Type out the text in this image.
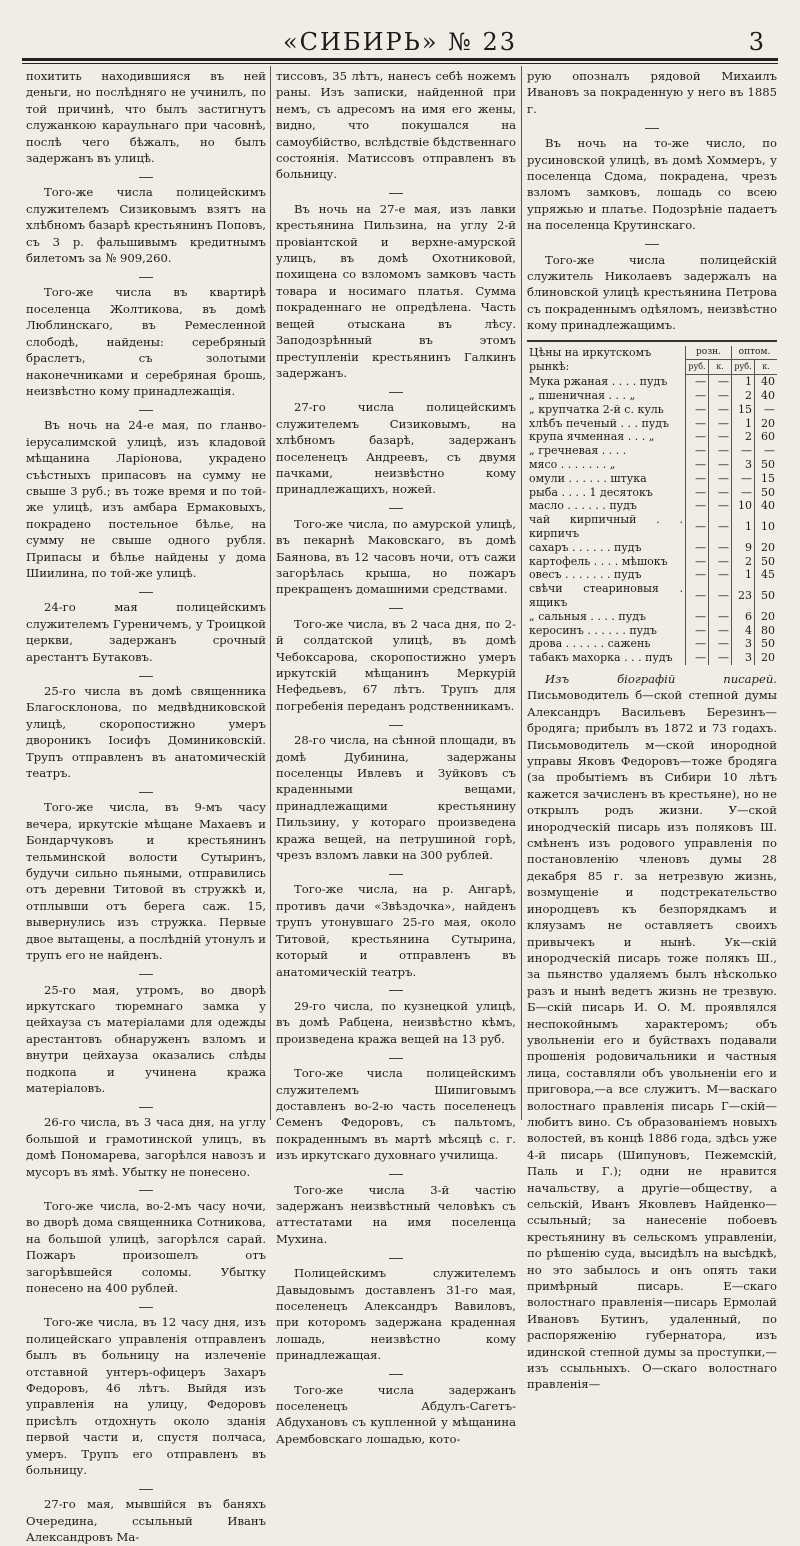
«СИБИРЬ» № 23	3

похитить находившияся въ ней деньги, но послѣдняго не учинилъ, по той причинѣ, что былъ застигнутъ служанкою караульнаго при часовнѣ, послѣ чего бѣжалъ, но былъ задержанъ въ улицѣ.

Того-же числа полицейскимъ служителемъ Сизиковымъ взятъ на хлѣбномъ базарѣ крестьянинъ Поповъ, съ 3 р. фальшивымъ кредитнымъ билетомъ за № 909,260.

Того-же числа въ квартирѣ поселенца Жолтикова, въ домѣ Люблинскаго, въ Ремесленной слободѣ, найдены: серебряный браслетъ, съ золотыми наконечниками и серебряная брошь, неизвѣстно кому принадлежащія.

Въ ночь на 24-е мая, по гланво-іерусалимской улицѣ, изъ кладовой мѣщанина Ларіонова, украдено съѣстныхъ припасовъ на сумму не свыше 3 руб.; въ тоже время и по той-же улицѣ, изъ амбара Ермаковыхъ, покрадено постельное бѣлье, на сумму не свыше одного рубля. Припасы и бѣлье найдены у дома Шиилина, по той-же улицѣ.

24-го мая полицейскимъ служителемъ Гуреничемъ, у Троицкой церкви, задержанъ срочный арестантъ Бутаковъ.

25-го числа въ домѣ священника Благосклонова, по медвѣдниковской улицѣ, скоропостижно умеръ двороникъ Іосифъ Доминиковскій. Трупъ отправленъ въ анатомическій театръ.

Того-же числа, въ 9-мъ часу вечера, иркутскіе мѣщане Махаевъ и Бондарчуковъ и крестьянинъ тельминской волости Сутыринъ, будучи сильно пьяными, отправились отъ деревни Титовой въ стружкѣ и, отплывши отъ берега саж. 15, вывернулись изъ стружка. Первые двое вытащены, а послѣдній утонулъ и трупъ его не найденъ.

25-го мая, утромъ, во дворѣ иркутскаго тюремнаго замка у цейхауза съ матеріалами для одежды арестантовъ обнаруженъ взломъ и внутри цейхауза оказались слѣды подкопа и учинена кража матеріаловъ.

26-го числа, въ 3 часа дня, на углу большой и грамотинской улицъ, въ домѣ Пономарева, загорѣлся навозъ и мусоръ въ ямѣ. Убытку не понесено.

Того-же числа, во-2-мъ часу ночи, во дворѣ дома священника Сотникова, на большой улицѣ, загорѣлся сарай. Пожаръ произошелъ отъ загорѣвшейся соломы. Убытку понесено на 400 рублей.

Того-же числа, въ 12 часу дня, изъ полицейскаго управленія отправленъ былъ въ больницу на излеченіе отставной унтеръ-офицеръ Захаръ Федоровъ, 46 лѣтъ. Выйдя изъ управленія на улицу, Федоровъ присѣлъ отдохнуть около зданія первой части и, спустя полчаса, умеръ. Трупъ его отправленъ въ больницу.

27-го мая, мывшійся въ баняхъ Очередина, ссыльный Иванъ Александровъ Ма-

тиссовъ, 35 лѣтъ, нанесъ себѣ ножемъ раны. Изъ записки, найденной при немъ, съ адресомъ на имя его жены, видно, что покушался на самоубійство, вслѣдствіе бѣдственнаго состоянія. Матиссовъ отправленъ въ больницу.

Въ ночь на 27-е мая, изъ лавки крестьянина Пильзина, на углу 2-й провіантской и верхне-амурской улицъ, въ домѣ Охотниковой, похищена со взломомъ замковъ часть товара и носимаго платья. Сумма покраденнаго не опредѣлена. Часть вещей отыскана въ лѣсу. Заподозрѣнный въ этомъ преступленіи крестьянинъ Галкинъ задержанъ.

27-го числа полицейскимъ служителемъ Сизиковымъ, на хлѣбномъ базарѣ, задержанъ поселенецъ Андреевъ, съ двумя пачками, неизвѣстно кому принадлежащихъ, ножей.

Того-же числа, по амурской улицѣ, въ пекарнѣ Маковскаго, въ домѣ Баянова, въ 12 часовъ ночи, отъ сажи загорѣлась крыша, но пожаръ прекращенъ домашними средствами.

Того-же числа, въ 2 часа дня, по 2-й солдатской улицѣ, въ домѣ Чебоксарова, скоропостижно умеръ иркутскій мѣщанинъ Меркурій Нефедьевъ, 67 лѣтъ. Трупъ для погребенія переданъ родственникамъ.

28-го числа, на сѣнной площади, въ домѣ Дубинина, задержаны поселенцы Ивлевъ и Зуйковъ съ краденными вещами, принадлежащими крестьянину Пильзину, у котораго произведена кража вещей, на петрушиной горѣ, чрезъ взломъ лавки на 300 рублей.

Того-же числа, на р. Ангарѣ, противъ дачи «Звѣздочка», найденъ трупъ утонувшаго 25-го мая, около Титовой, крестьянина Сутырина, который и отправленъ въ анатомическій театръ.

29-го числа, по кузнецкой улицѣ, въ домѣ Рабцена, неизвѣстно кѣмъ, произведена кража вещей на 13 руб.

Того-же числа полицейскимъ служителемъ Шипиговымъ доставленъ во-2-ю часть поселенецъ Семенъ Федоровъ, съ пальтомъ, покраденнымъ въ мартѣ мѣсяцѣ с. г. изъ иркутскаго духовнаго училища.

Того-же числа 3-й частію задержанъ неизвѣстный человѣкъ съ аттестатами на имя поселенца Мухина.

Полицейскимъ служителемъ Давыдовымъ доставленъ 31-го мая, поселенецъ Александръ Вавиловъ, при которомъ задержана краденная лошадь, неизвѣстно кому принадлежащая.

Того-же числа задержанъ поселенецъ Абдулъ-Сагетъ-Абдухановъ съ купленной у мѣщанина Арембовскаго лошадью, кото-

рую опозналъ рядовой Михаилъ Ивановъ за покраденную у него въ 1885 г.

Въ ночь на то-же число, по русиновской улицѣ, въ домѣ Хоммеръ, у поселенца Сдома, покрадена, чрезъ взломъ замковъ, лошадь со всею упряжью и платье. Подозрѣніе падаетъ на поселенца Крутинскаго.

Того-же числа полицейскій служитель Николаевъ задержалъ на блиновской улицѣ крестьянина Петрова съ покраденнымъ одѣяломъ, неизвѣстно кому принадлежащимъ.

Цѣны на иркутскомъ рынкѣ:	розн.		оптом.	
	руб.	к.	руб.	к.
Мука ржаная . . . . пудъ	—	—	1	40
„ пшеничная . . . „	—	—	2	40
„ крупчатка 2-й с. куль	—	—	15	—
хлѣбъ печеный . . . пудъ	—	—	1	20
крупа ячменная . . . „	—	—	2	60
„ гречневая . . . .	—	—	—	—
мясо . . . . . . . „	—	—	3	50
омули . . . . . . штука	—	—	—	15
рыба . . . . 1 десятокъ	—	—	—	50
масло . . . . . . пудъ	—	—	10	40
чай кирпичный . . кирпичъ	—	—	1	10
сахаръ . . . . . . пудъ	—	—	9	20
картофель . . . . мѣшокъ	—	—	2	50
овесъ . . . . . . . пудъ	—	—	1	45
свѣчи стеариновыя . ящикъ	—	—	23	50
„ сальныя . . . . пудъ	—	—	6	20
керосинъ . . . . . . пудъ	—	—	4	80
дрова . . . . . . сажень	—	—	3	50
табакъ махорка . . . пудъ	—	—	3	20

Изъ біографій писарей. Письмоводитель б—ской степной думы Александръ Васильевъ Березинъ—бродяга; прибылъ въ 1872 и 73 годахъ. Письмоводитель м—ской инородной управы Яковъ Федоровъ—тоже бродяга (за пробытіемъ въ Сибири 10 лѣтъ кажется зачисленъ въ крестьяне), но не открылъ родъ жизни. У—ской инородческій писарь изъ поляковъ Ш. смѣненъ изъ родового управленія по постановленію членовъ думы 28 декабря 85 г. за нетрезвую жизнь, возмущеніе и подстрекательство инородцевъ къ безпорядкамъ и кляузамъ не оставляетъ своихъ привычекъ и нынѣ. Ук—скій инородческій писарь тоже полякъ Ш., за пьянство удаляемъ былъ нѣсколько разъ и нынѣ ведетъ жизнь не трезвую. Б—скій писарь И. О. М. проявлялся неспокойнымъ характеромъ; объ увольненіи его и буйствахъ подавали прошенія родовичальники и частныя лица, составляли объ увольненіи его и приговора,—а все служитъ. М—васкаго волостнаго правленія писарь Г—скій—любитъ вино. Съ образованіемъ новыхъ волостей, въ концѣ 1886 года, здѣсь уже 4-й писарь (Шипуновъ, Пежемскій, Паль и Г.); одни не нравится начальству, а другіе—обществу, а сельскій, Иванъ Яковлевъ Найденко—ссыльный; за нанесеніе побоевъ крестьянину въ сельскомъ управленіи, по рѣшенію суда, высидѣлъ на высѣдкѣ, но это забылось и онъ опять таки примѣрный писарь. Е—скаго волостнаго правленія—писарь Ермолай Ивановъ Бутинъ, удаленный, по распоряженію губернатора, изъ идинской степной думы за проступки,—изъ ссыльныхъ. О—скаго волостнаго правленія—
